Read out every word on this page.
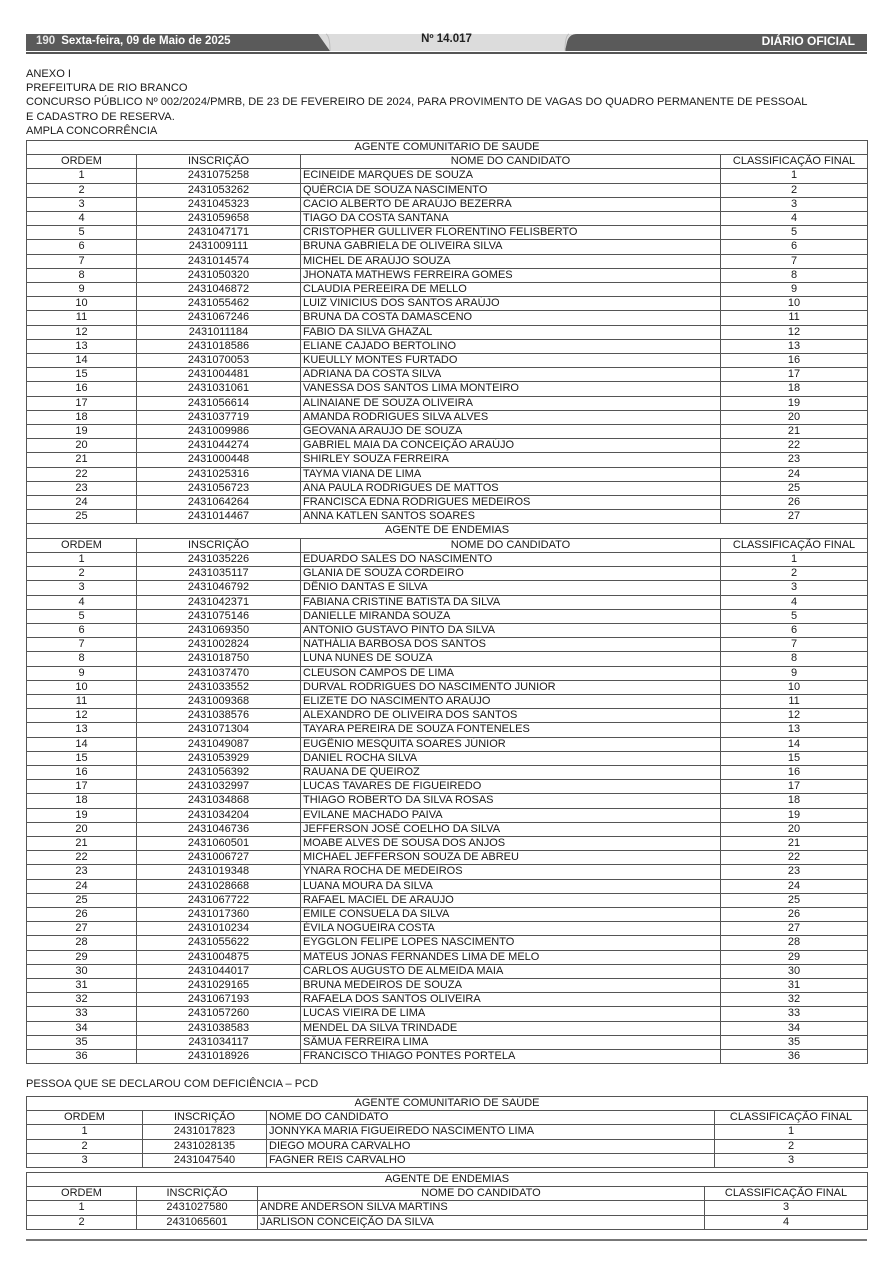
190 Sexta-feira, 09 de Maio de 2025	Nº 14.017	DIÁRIO OFICIAL
ANEXO I
PREFEITURA DE RIO BRANCO
CONCURSO PÚBLICO Nº 002/2024/PMRB, DE 23 DE FEVEREIRO DE 2024, PARA PROVIMENTO DE VAGAS DO QUADRO PERMANENTE DE PESSOAL
E CADASTRO DE RESERVA.
AMPLA CONCORRÊNCIA
AGENTE COMUNITARIO DE SAUDE			
ORDEM	INSCRIÇÃO	NOME DO CANDIDATO	CLASSIFICAÇÃO FINAL
1	2431075258	ECINEIDE MARQUES DE SOUZA	1
2	2431053262	QUÉRCIA DE SOUZA NASCIMENTO	2
3	2431045323	CACIO ALBERTO DE ARAÚJO BEZERRA	3
4	2431059658	TIAGO DA COSTA SANTANA	4
5	2431047171	CRISTOPHER GULLIVER FLORENTINO FELISBERTO	5
6	2431009111	BRUNA GABRIELA DE OLIVEIRA SILVA	6
7	2431014574	MICHEL DE ARAÚJO SOUZA	7
8	2431050320	JHONATA MATHEWS FERREIRA GOMES	8
9	2431046872	CLAUDIA PEREEIRA DE MELLO	9
10	2431055462	LUIZ VINICIUS DOS SANTOS ARAÚJO	10
11	2431067246	BRUNA DA COSTA DAMASCENO	11
12	2431011184	FABIO DA SILVA GHAZAL	12
13	2431018586	ELIANE CAJADO BERTOLINO	13
14	2431070053	KUEULLY MONTES FURTADO	16
15	2431004481	ADRIANA DA COSTA SILVA	17
16	2431031061	VANESSA DOS SANTOS LIMA MONTEIRO	18
17	2431056614	ALINAIANE DE SOUZA OLIVEIRA	19
18	2431037719	AMANDA RODRIGUES SILVA ALVES	20
19	2431009986	GEOVANA ARAUJO DE SOUZA	21
20	2431044274	GABRIEL MAIA DA CONCEIÇÃO ARAÚJO	22
21	2431000448	SHIRLEY SOUZA FERREIRA	23
22	2431025316	TAYMA VIANA DE LIMA	24
23	2431056723	ANA PAULA RODRIGUES DE MATTOS	25
24	2431064264	FRANCISCA EDNA RODRIGUES MEDEIROS	26
25	2431014467	ANNA KATLEN SANTOS SOARES	27
AGENTE DE ENDEMIAS			
ORDEM	INSCRIÇÃO	NOME DO CANDIDATO	CLASSIFICAÇÃO FINAL
1	2431035226	EDUARDO SALES DO NASCIMENTO	1
2	2431035117	GLANIA DE SOUZA CORDEIRO	2
3	2431046792	DÊNIO DANTAS E SILVA	3
4	2431042371	FABIANA CRISTINE BATISTA DA SILVA	4
5	2431075146	DANIELLE MIRANDA SOUZA	5
6	2431069350	ANTONIO GUSTAVO PINTO DA SILVA	6
7	2431002824	NATHÁLIA BARBOSA DOS SANTOS	7
8	2431018750	LUNA NUNES DE SOUZA	8
9	2431037470	CLEUSON CAMPOS DE LIMA	9
10	2431033552	DURVAL RODRIGUES DO NASCIMENTO JUNIOR	10
11	2431009368	ELIZETE DO NASCIMENTO ARAÚJO	11
12	2431038576	ALEXANDRO DE OLIVEIRA DOS SANTOS	12
13	2431071304	TAYARA PEREIRA DE SOUZA FONTENELES	13
14	2431049087	EUGÊNIO MESQUITA SOARES JÚNIOR	14
15	2431053929	DANIEL ROCHA SILVA	15
16	2431056392	RAUANA DE QUEIROZ	16
17	2431032997	LUCAS TAVARES DE FIGUEIREDO	17
18	2431034868	THIAGO ROBERTO DA SILVA ROSAS	18
19	2431034204	EVILANE MACHADO PAIVA	19
20	2431046736	JEFFERSON JOSÉ COELHO DA SILVA	20
21	2431060501	MOABE ALVES DE SOUSA DOS ANJOS	21
22	2431006727	MICHAEL JEFFERSON SOUZA DE ABREU	22
23	2431019348	YNARA ROCHA DE MEDEIROS	23
24	2431028668	LUANA MOURA DA SILVA	24
25	2431067722	RAFAEL MACIEL DE ARAUJO	25
26	2431017360	EMILE CONSUELA DA SILVA	26
27	2431010234	ÉVILA NOGUEIRA COSTA	27
28	2431055622	EYGGLON FELIPE LOPES NASCIMENTO	28
29	2431004875	MATEUS JONAS FERNANDES LIMA DE MELO	29
30	2431044017	CARLOS AUGUSTO DE ALMEIDA MAIA	30
31	2431029165	BRUNA MEDEIROS DE SOUZA	31
32	2431067193	RAFAELA DOS SANTOS OLIVEIRA	32
33	2431057260	LUCAS VIEIRA DE LIMA	33
34	2431038583	MENDEL DA SILVA TRINDADE	34
35	2431034117	SÂMUA FERREIRA LIMA	35
36	2431018926	FRANCISCO THIAGO PONTES PORTELA	36
PESSOA QUE SE DECLAROU COM DEFICIÊNCIA – PCD
AGENTE COMUNITARIO DE SAÚDE			
ORDEM	INSCRIÇÃO	NOME DO CANDIDATO	CLASSIFICAÇÃO FINAL
1	2431017823	JONNYKA MARIA FIGUEIREDO NASCIMENTO LIMA	1
2	2431028135	DIEGO MOURA CARVALHO	2
3	2431047540	FAGNER REIS CARVALHO	3
AGENTE DE ENDEMIAS			
ORDEM	INSCRIÇÃO	NOME DO CANDIDATO	CLASSIFICAÇÃO FINAL
1	2431027580	ANDRE ANDERSON SILVA MARTINS	3
2	2431065601	JARLISON CONCEIÇÃO DA SILVA	4
